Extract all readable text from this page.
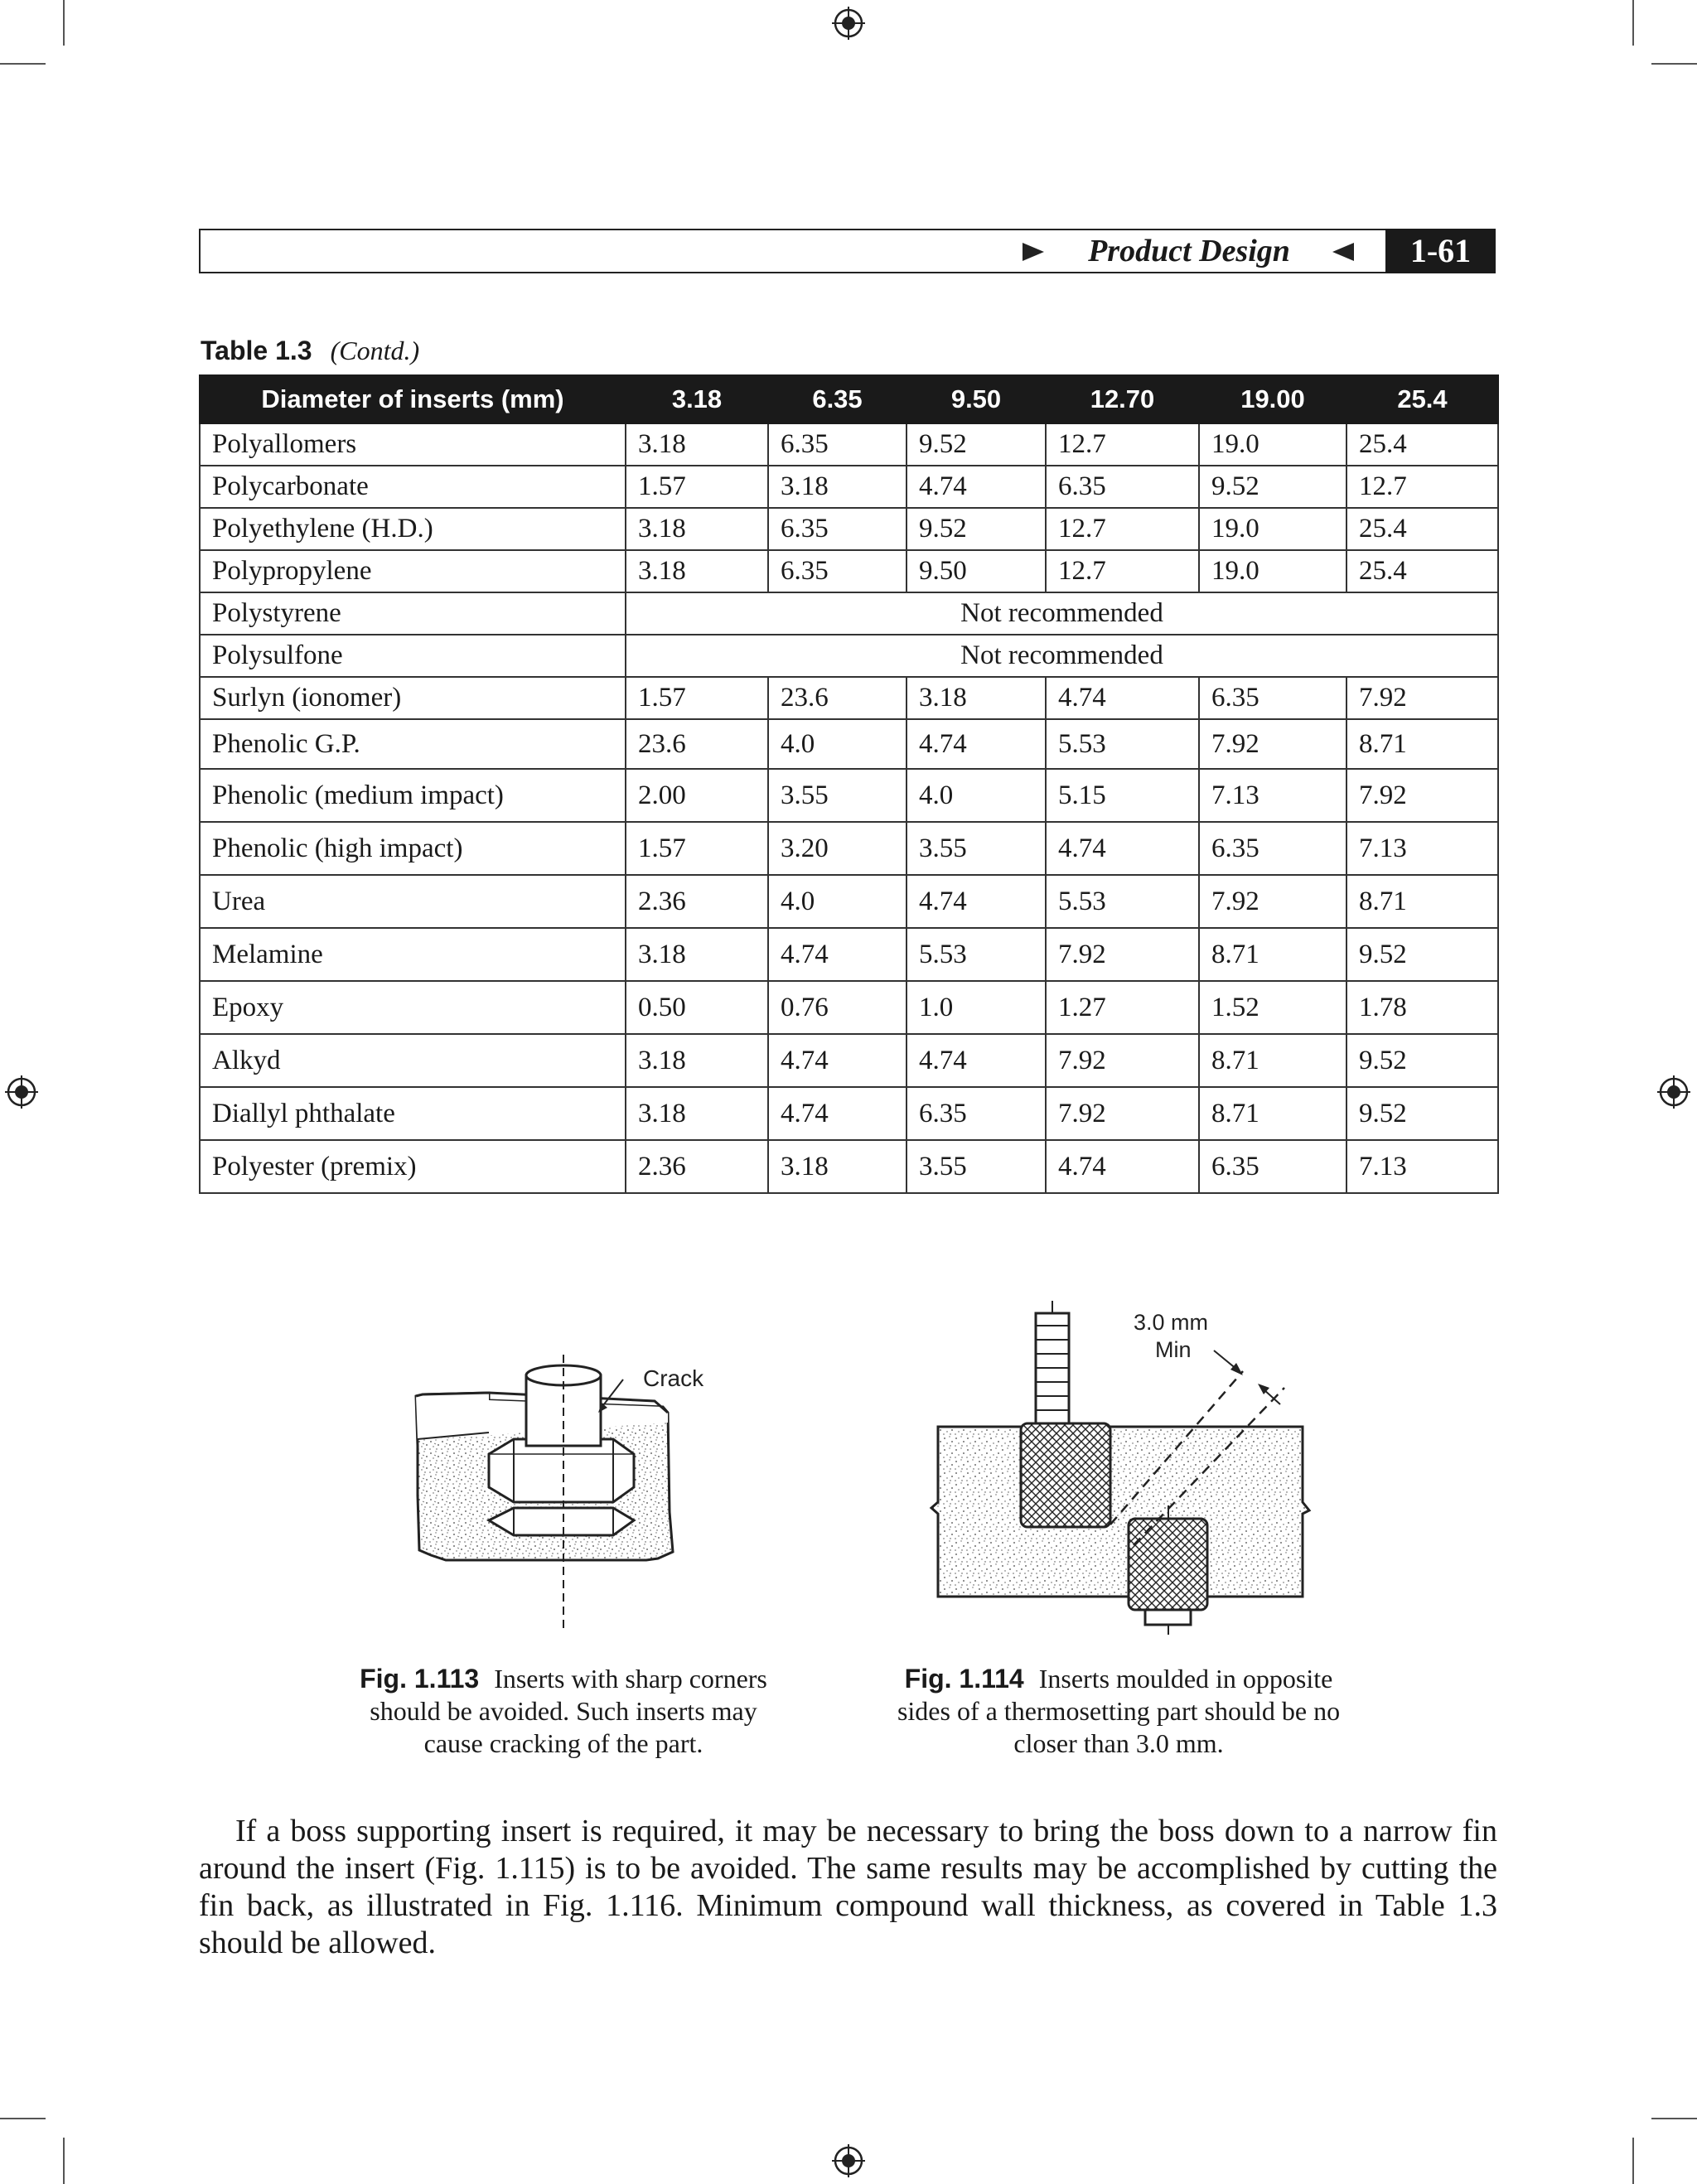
Product Design	1-61
Table 1.3 (Contd.)
Diameter of inserts (mm)	3.18	6.35	9.50	12.70	19.00	25.4
Polyallomers	3.18	6.35	9.52	12.7	19.0	25.4
Polycarbonate	1.57	3.18	4.74	6.35	9.52	12.7
Polyethylene (H.D.)	3.18	6.35	9.52	12.7	19.0	25.4
Polypropylene	3.18	6.35	9.50	12.7	19.0	25.4
Polystyrene	Not recommended					
Polysulfone	Not recommended					
Surlyn (ionomer)	1.57	23.6	3.18	4.74	6.35	7.92
Phenolic G.P.	23.6	4.0	4.74	5.53	7.92	8.71
Phenolic (medium impact)	2.00	3.55	4.0	5.15	7.13	7.92
Phenolic (high impact)	1.57	3.20	3.55	4.74	6.35	7.13
Urea	2.36	4.0	4.74	5.53	7.92	8.71
Melamine	3.18	4.74	5.53	7.92	8.71	9.52
Epoxy	0.50	0.76	1.0	1.27	1.52	1.78
Alkyd	3.18	4.74	4.74	7.92	8.71	9.52
Diallyl phthalate	3.18	4.74	6.35	7.92	8.71	9.52
Polyester (premix)	2.36	3.18	3.55	4.74	6.35	7.13
Crack
Fig. 1.113 Inserts with sharp corners
should be avoided. Such inserts may
cause cracking of the part.
3.0 mm
Min
Fig. 1.114 Inserts moulded in opposite
sides of a thermosetting part should be no
closer than 3.0 mm.
If a boss supporting insert is required, it may be necessary to bring the boss down to a narrow fin around the insert (Fig. 1.115) is to be avoided. The same results may be accomplished by cutting the fin back, as illustrated in Fig. 1.116. Minimum compound wall thickness, as covered in Table 1.3 should be allowed.
